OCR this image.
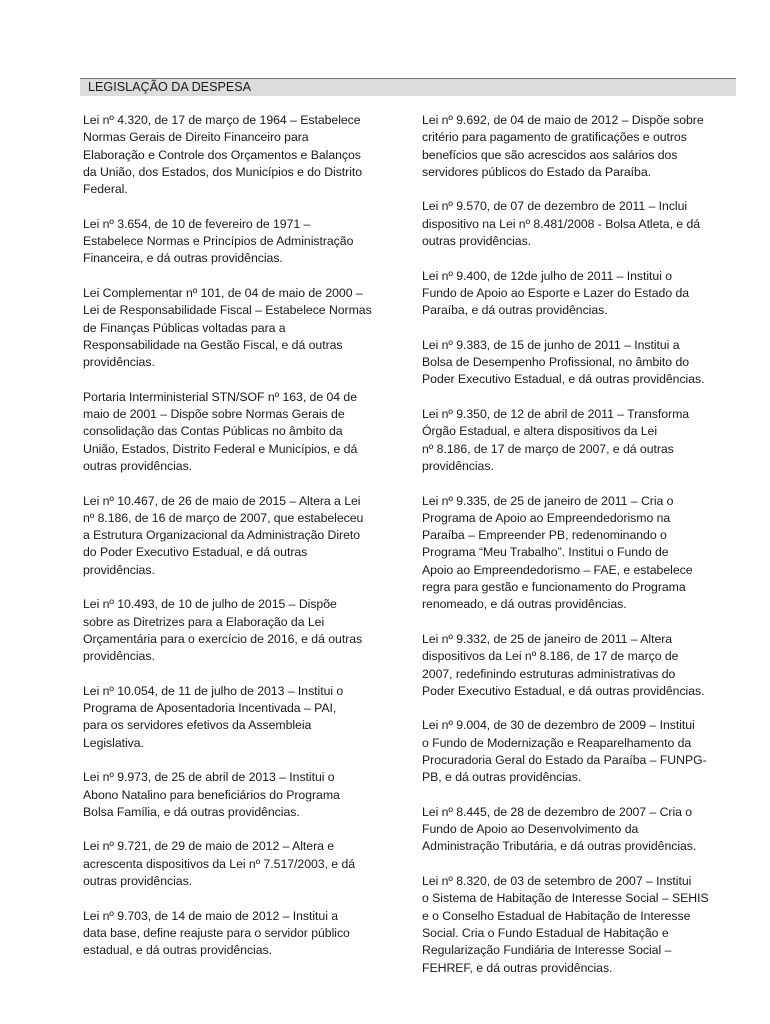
LEGISLAÇÃO DA DESPESA

Lei nº 4.320, de 17 de março de 1964 – Estabelece
Normas Gerais de Direito Financeiro para
Elaboração e Controle dos Orçamentos e Balanços
da União, dos Estados, dos Municípios e do Distrito
Federal.

Lei nº 3.654, de 10 de fevereiro de 1971 –
Estabelece Normas e Princípios de Administração
Financeira, e dá outras providências.

Lei Complementar nº 101, de 04 de maio de 2000 –
Lei de Responsabilidade Fiscal – Estabelece Normas
de Finanças Públicas voltadas para a
Responsabilidade na Gestão Fiscal, e dá outras
providências.

Portaria Interministerial STN/SOF nº 163, de 04 de
maio de 2001 – Dispõe sobre Normas Gerais de
consolidação das Contas Públicas no âmbito da
União, Estados, Distrito Federal e Municípios, e dá
outras providências.

Lei nº 10.467, de 26 de maio de 2015 – Altera a Lei
nº 8.186, de 16 de março de 2007, que estabeleceu
a Estrutura Organizacional da Administração Direto
do Poder Executivo Estadual, e dá outras
providências.

Lei nº 10.493, de 10 de julho de 2015 – Dispõe
sobre as Diretrizes para a Elaboração da Lei
Orçamentária para o exercício de 2016, e dá outras
providências.

Lei nº 10.054, de 11 de julho de 2013 – Institui o
Programa de Aposentadoria Incentivada – PAI,
para os servidores efetivos da Assembleia
Legislativa.

Lei nº 9.973, de 25 de abril de 2013 – Institui o
Abono Natalino para beneficiários do Programa
Bolsa Família, e dá outras providências.

Lei nº 9.721, de 29 de maio de 2012 – Altera e
acrescenta dispositivos da Lei nº 7.517/2003, e dá
outras providências.

Lei nº 9.703, de 14 de maio de 2012 – Institui a
data base, define reajuste para o servidor público
estadual, e dá outras providências.

Lei nº 9.692, de 04 de maio de 2012 – Dispõe sobre
critério para pagamento de gratificações e outros
benefícios que são acrescidos aos salários dos
servidores públicos do Estado da Paraíba.

Lei nº 9.570, de 07 de dezembro de 2011 – Inclui
dispositivo na Lei nº 8.481/2008 - Bolsa Atleta, e dá
outras providências.

Lei nº 9.400, de 12de julho de 2011 – Institui o
Fundo de Apoio ao Esporte e Lazer do Estado da
Paraíba, e dá outras providências.

Lei nº 9.383, de 15 de junho de 2011 – Institui a
Bolsa de Desempenho Profissional, no âmbito do
Poder Executivo Estadual, e dá outras providências.

Lei nº 9.350, de 12 de abril de 2011 – Transforma
Órgão Estadual, e altera dispositivos da Lei
nº 8.186, de 17 de março de 2007, e dá outras
providências.

Lei nº 9.335, de 25 de janeiro de 2011 – Cria o
Programa de Apoio ao Empreendedorismo na
Paraíba – Empreender PB, redenominando o
Programa “Meu Trabalho”. Institui o Fundo de
Apoio ao Empreendedorismo – FAE, e estabelece
regra para gestão e funcionamento do Programa
renomeado, e dá outras providências.

Lei nº 9.332, de 25 de janeiro de 2011 – Altera
dispositivos da Lei nº 8.186, de 17 de março de
2007, redefinindo estruturas administrativas do
Poder Executivo Estadual, e dá outras providências.

Lei nº 9.004, de 30 de dezembro de 2009 – Institui
o Fundo de Modernização e Reaparelhamento da
Procuradoria Geral do Estado da Paraíba – FUNPG-
PB, e dá outras providências.

Lei nº 8.445, de 28 de dezembro de 2007 – Cria o
Fundo de Apoio ao Desenvolvimento da
Administração Tributária, e dá outras providências.

Lei nº 8.320, de 03 de setembro de 2007 – Institui
o Sistema de Habitação de Interesse Social – SEHIS
e o Conselho Estadual de Habitação de Interesse
Social. Cria o Fundo Estadual de Habitação e
Regularização Fundiária de Interesse Social –
FEHREF, e dá outras providências.
